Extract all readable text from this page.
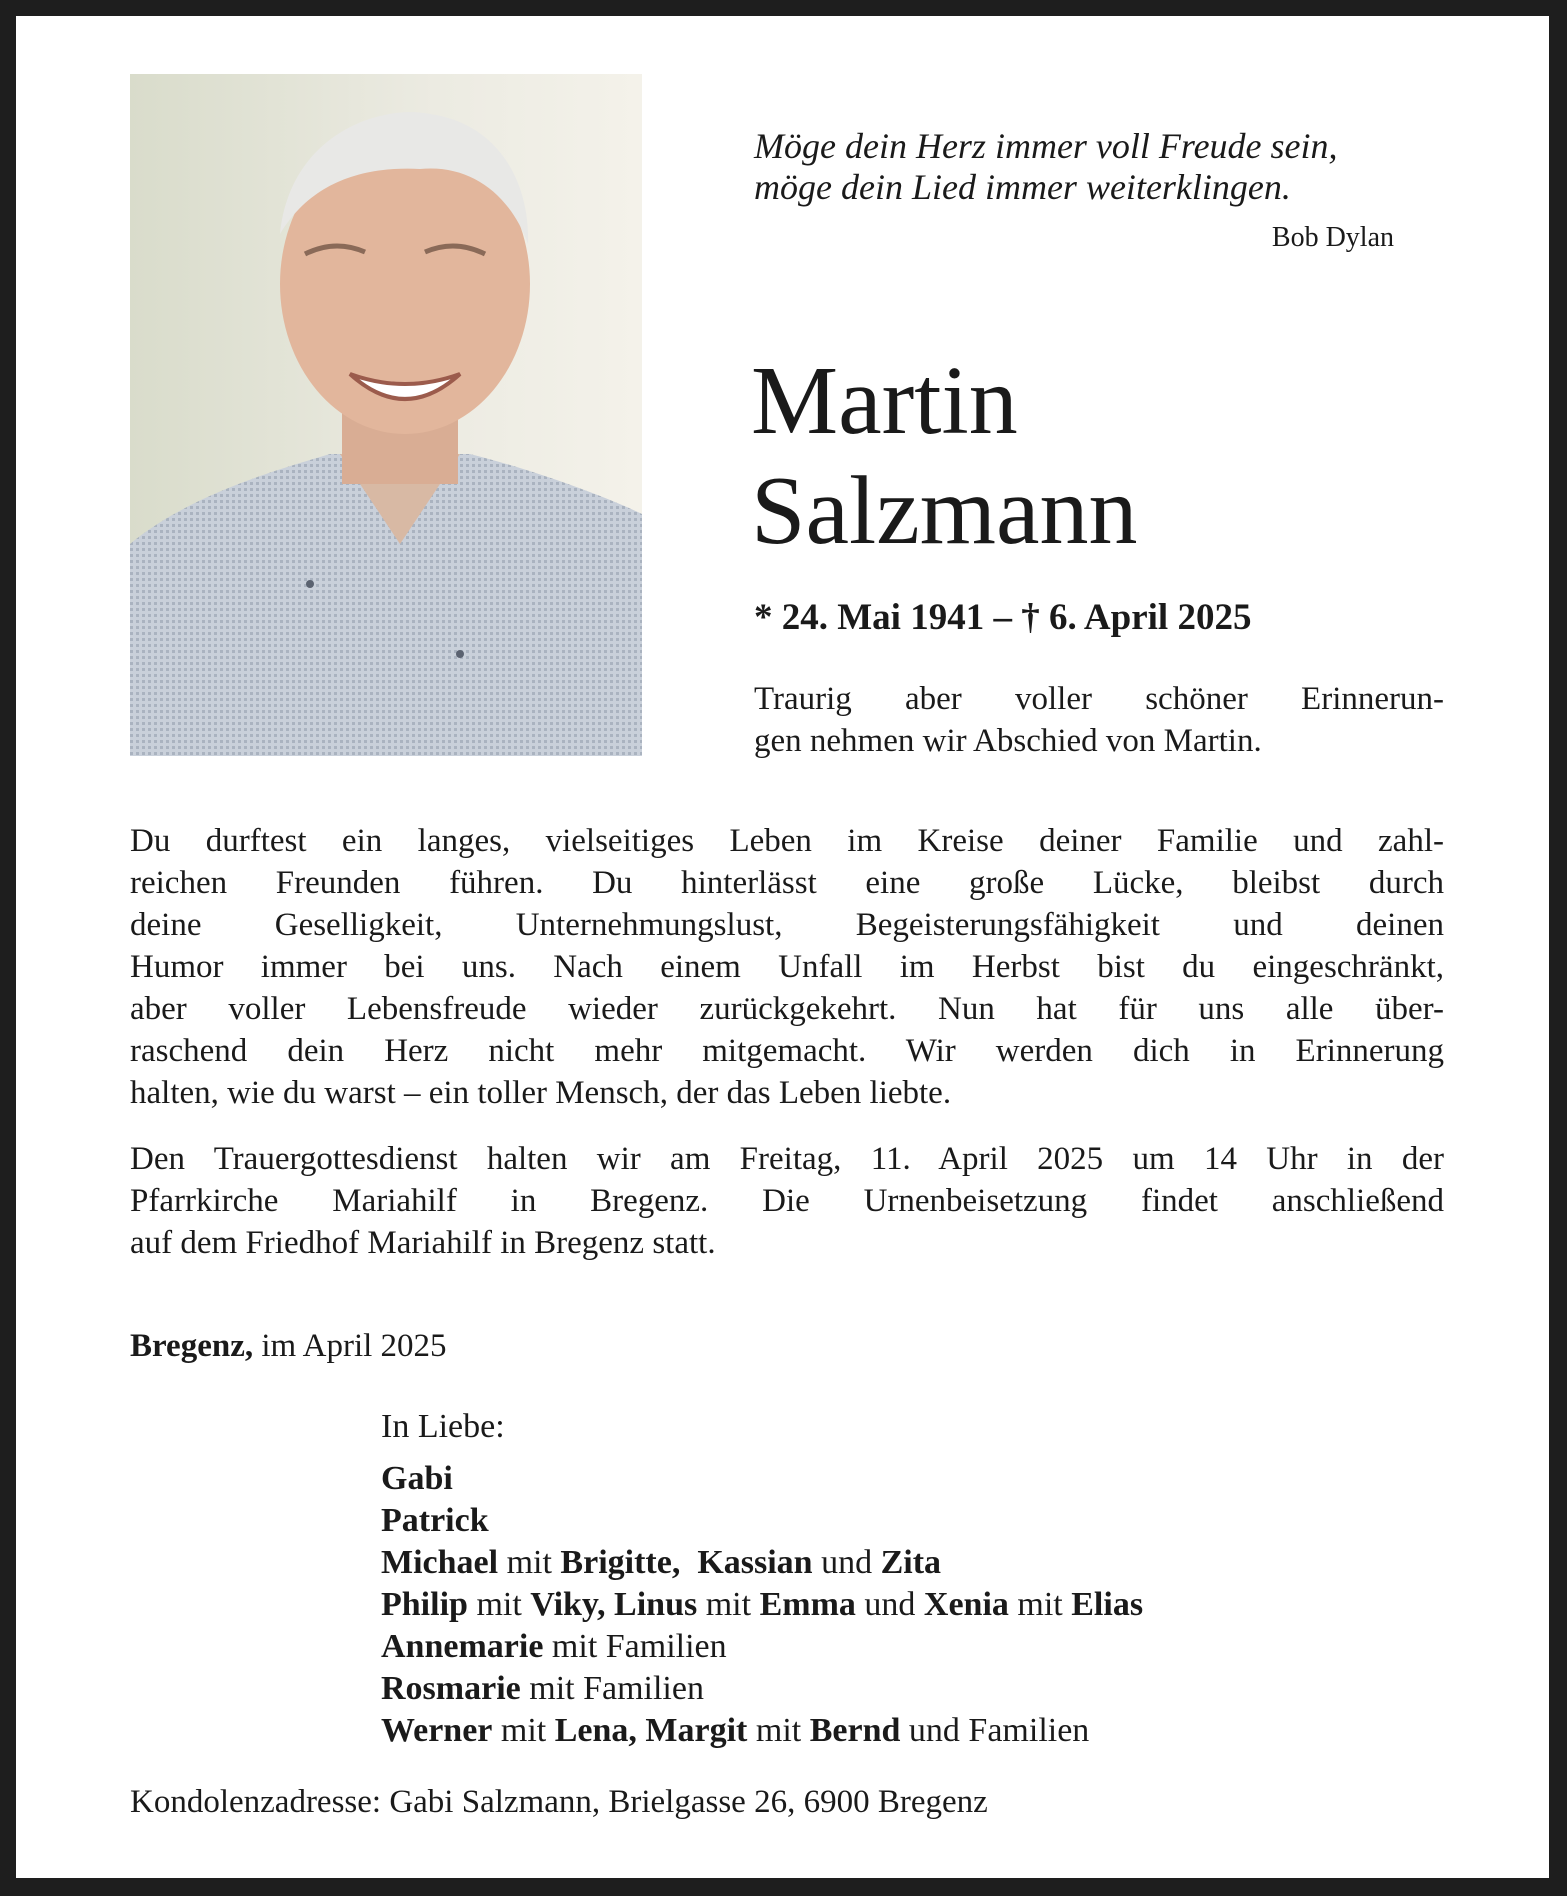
Möge dein Herz immer voll Freude sein,
möge dein Lied immer weiterklingen.
Bob Dylan
Martin
Salzmann
* 24. Mai 1941 – † 6. April 2025
Traurig aber voller schöner Erinnerun-
gen nehmen wir Abschied von Martin.
Du durftest ein langes, vielseitiges Leben im Kreise deiner Familie und zahl-
reichen Freunden führen. Du hinterlässt eine große Lücke, bleibst durch
deine Geselligkeit, Unternehmungslust, Begeisterungsfähigkeit und deinen
Humor immer bei uns. Nach einem Unfall im Herbst bist du eingeschränkt,
aber voller Lebensfreude wieder zurückgekehrt. Nun hat für uns alle über-
raschend dein Herz nicht mehr mitgemacht. Wir werden dich in Erinnerung
halten, wie du warst – ein toller Mensch, der das Leben liebte.
Den Trauergottesdienst halten wir am Freitag, 11. April 2025 um 14 Uhr in der
Pfarrkirche Mariahilf in Bregenz. Die Urnenbeisetzung findet anschließend
auf dem Friedhof Mariahilf in Bregenz statt.
Bregenz, im April 2025
In Liebe:
Gabi
Patrick
Michael mit Brigitte, Kassian und Zita
Philip mit Viky, Linus mit Emma und Xenia mit Elias
Annemarie mit Familien
Rosmarie mit Familien
Werner mit Lena, Margit mit Bernd und Familien
Kondolenzadresse: Gabi Salzmann, Brielgasse 26, 6900 Bregenz
